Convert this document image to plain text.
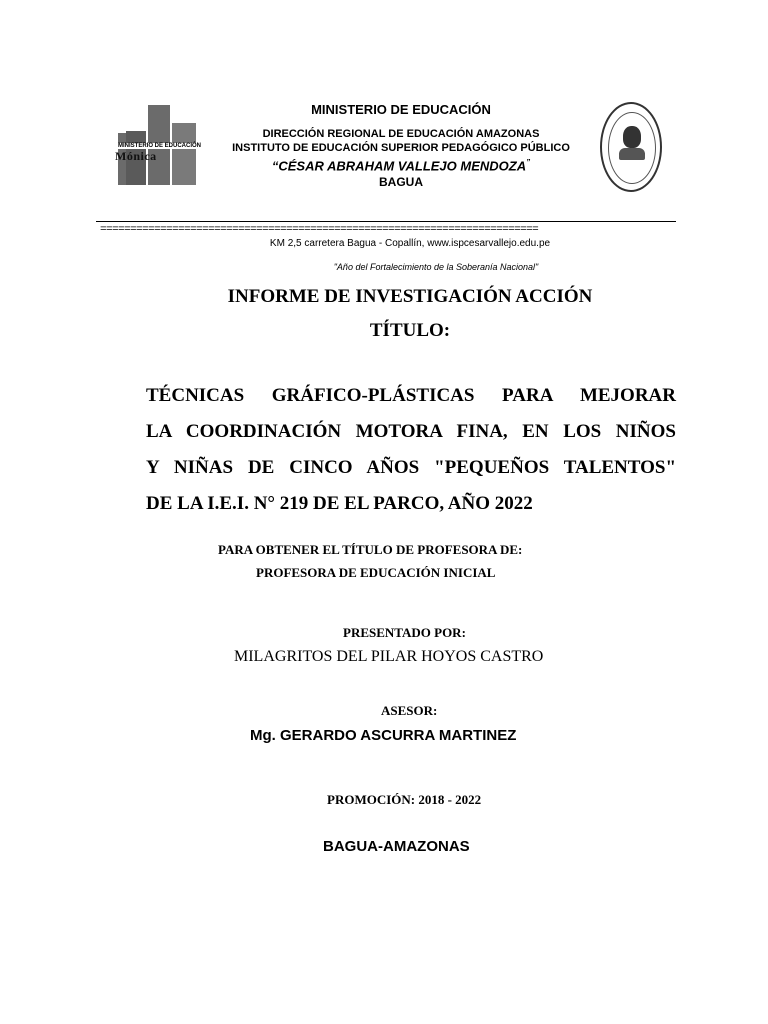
MINISTERIO DE EDUCACIÓN
Mónica
MINISTERIO DE EDUCACIÓN
DIRECCIÓN REGIONAL DE EDUCACIÓN AMAZONAS
INSTITUTO DE EDUCACIÓN SUPERIOR PEDAGÓGICO PÚBLICO
“CÉSAR ABRAHAM VALLEJO MENDOZA”
BAGUA
=========================================================================
KM 2,5 carretera Bagua - Copallín, www.ispcesarvallejo.edu.pe
"Año del Fortalecimiento de la Soberanía Nacional"
INFORME DE INVESTIGACIÓN ACCIÓN
TÍTULO:
TÉCNICAS GRÁFICO-PLÁSTICAS PARA MEJORAR
LA COORDINACIÓN MOTORA FINA, EN LOS NIÑOS
Y NIÑAS DE CINCO AÑOS "PEQUEÑOS TALENTOS"
DE LA I.E.I. N° 219 DE EL PARCO, AÑO 2022
PARA OBTENER EL TÍTULO DE PROFESORA DE:
PROFESORA DE EDUCACIÓN INICIAL
PRESENTADO POR:
MILAGRITOS DEL PILAR HOYOS CASTRO
ASESOR:
Mg. GERARDO ASCURRA MARTINEZ
PROMOCIÓN: 2018 - 2022
BAGUA-AMAZONAS
